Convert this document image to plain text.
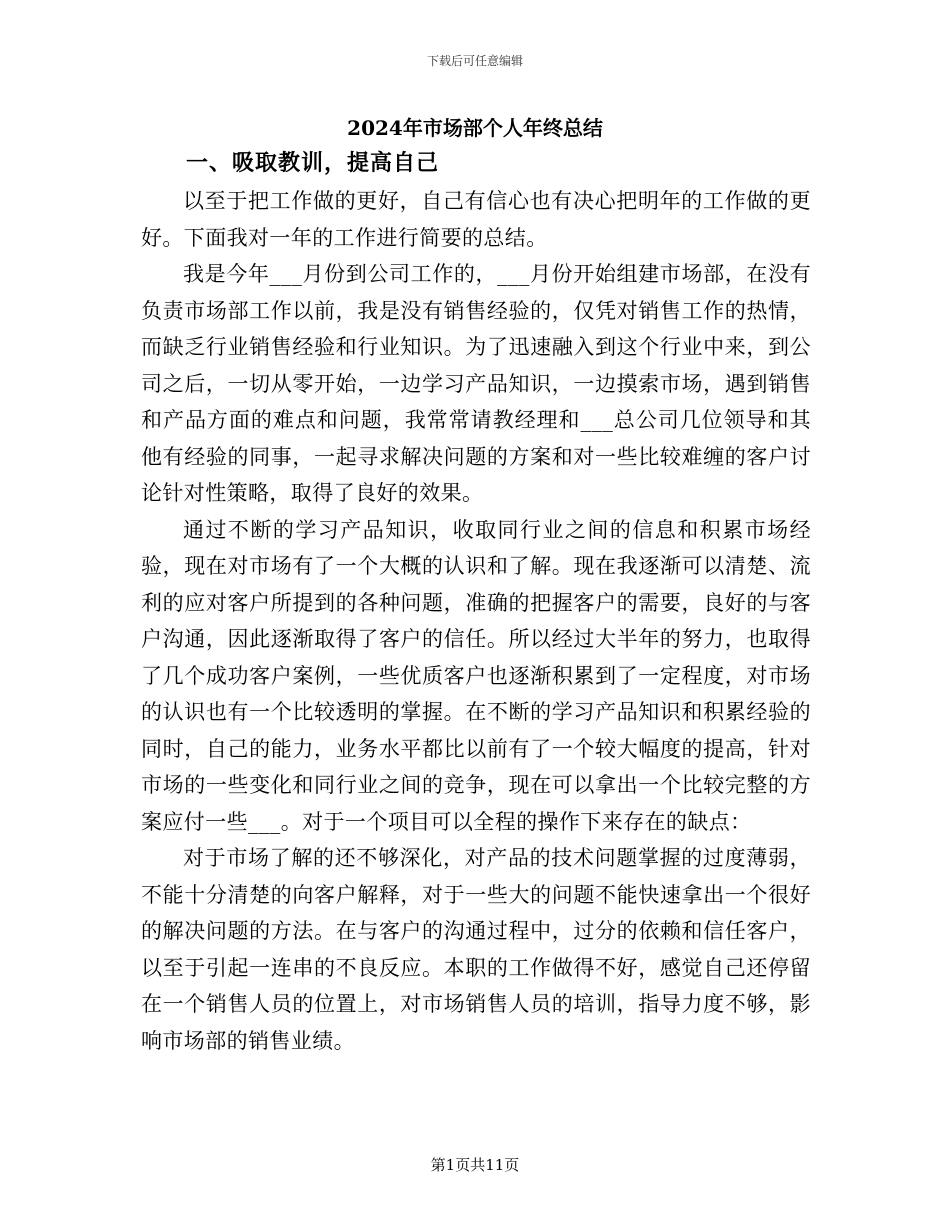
下载后可任意编辑
2024年市场部个人年终总结
一、吸取教训，提高自己

以至于把工作做的更好，自己有信心也有决心把明年的工作做的更好。下面我对一年的工作进行简要的总结。

我是今年___月份到公司工作的，___月份开始组建市场部，在没有负责市场部工作以前，我是没有销售经验的，仅凭对销售工作的热情，而缺乏行业销售经验和行业知识。为了迅速融入到这个行业中来，到公司之后，一切从零开始，一边学习产品知识，一边摸索市场，遇到销售和产品方面的难点和问题，我常常请教经理和___总公司几位领导和其他有经验的同事，一起寻求解决问题的方案和对一些比较难缠的客户讨论针对性策略，取得了良好的效果。

通过不断的学习产品知识，收取同行业之间的信息和积累市场经验，现在对市场有了一个大概的认识和了解。现在我逐渐可以清楚、流利的应对客户所提到的各种问题，准确的把握客户的需要，良好的与客户沟通，因此逐渐取得了客户的信任。所以经过大半年的努力，也取得了几个成功客户案例，一些优质客户也逐渐积累到了一定程度，对市场的认识也有一个比较透明的掌握。在不断的学习产品知识和积累经验的同时，自己的能力，业务水平都比以前有了一个较大幅度的提高，针对市场的一些变化和同行业之间的竞争，现在可以拿出一个比较完整的方案应付一些___。对于一个项目可以全程的操作下来存在的缺点：

对于市场了解的还不够深化，对产品的技术问题掌握的过度薄弱，不能十分清楚的向客户解释，对于一些大的问题不能快速拿出一个很好的解决问题的方法。在与客户的沟通过程中，过分的依赖和信任客户，以至于引起一连串的不良反应。本职的工作做得不好，感觉自己还停留在一个销售人员的位置上，对市场销售人员的培训，指导力度不够，影响市场部的销售业绩。

第1页共11页
